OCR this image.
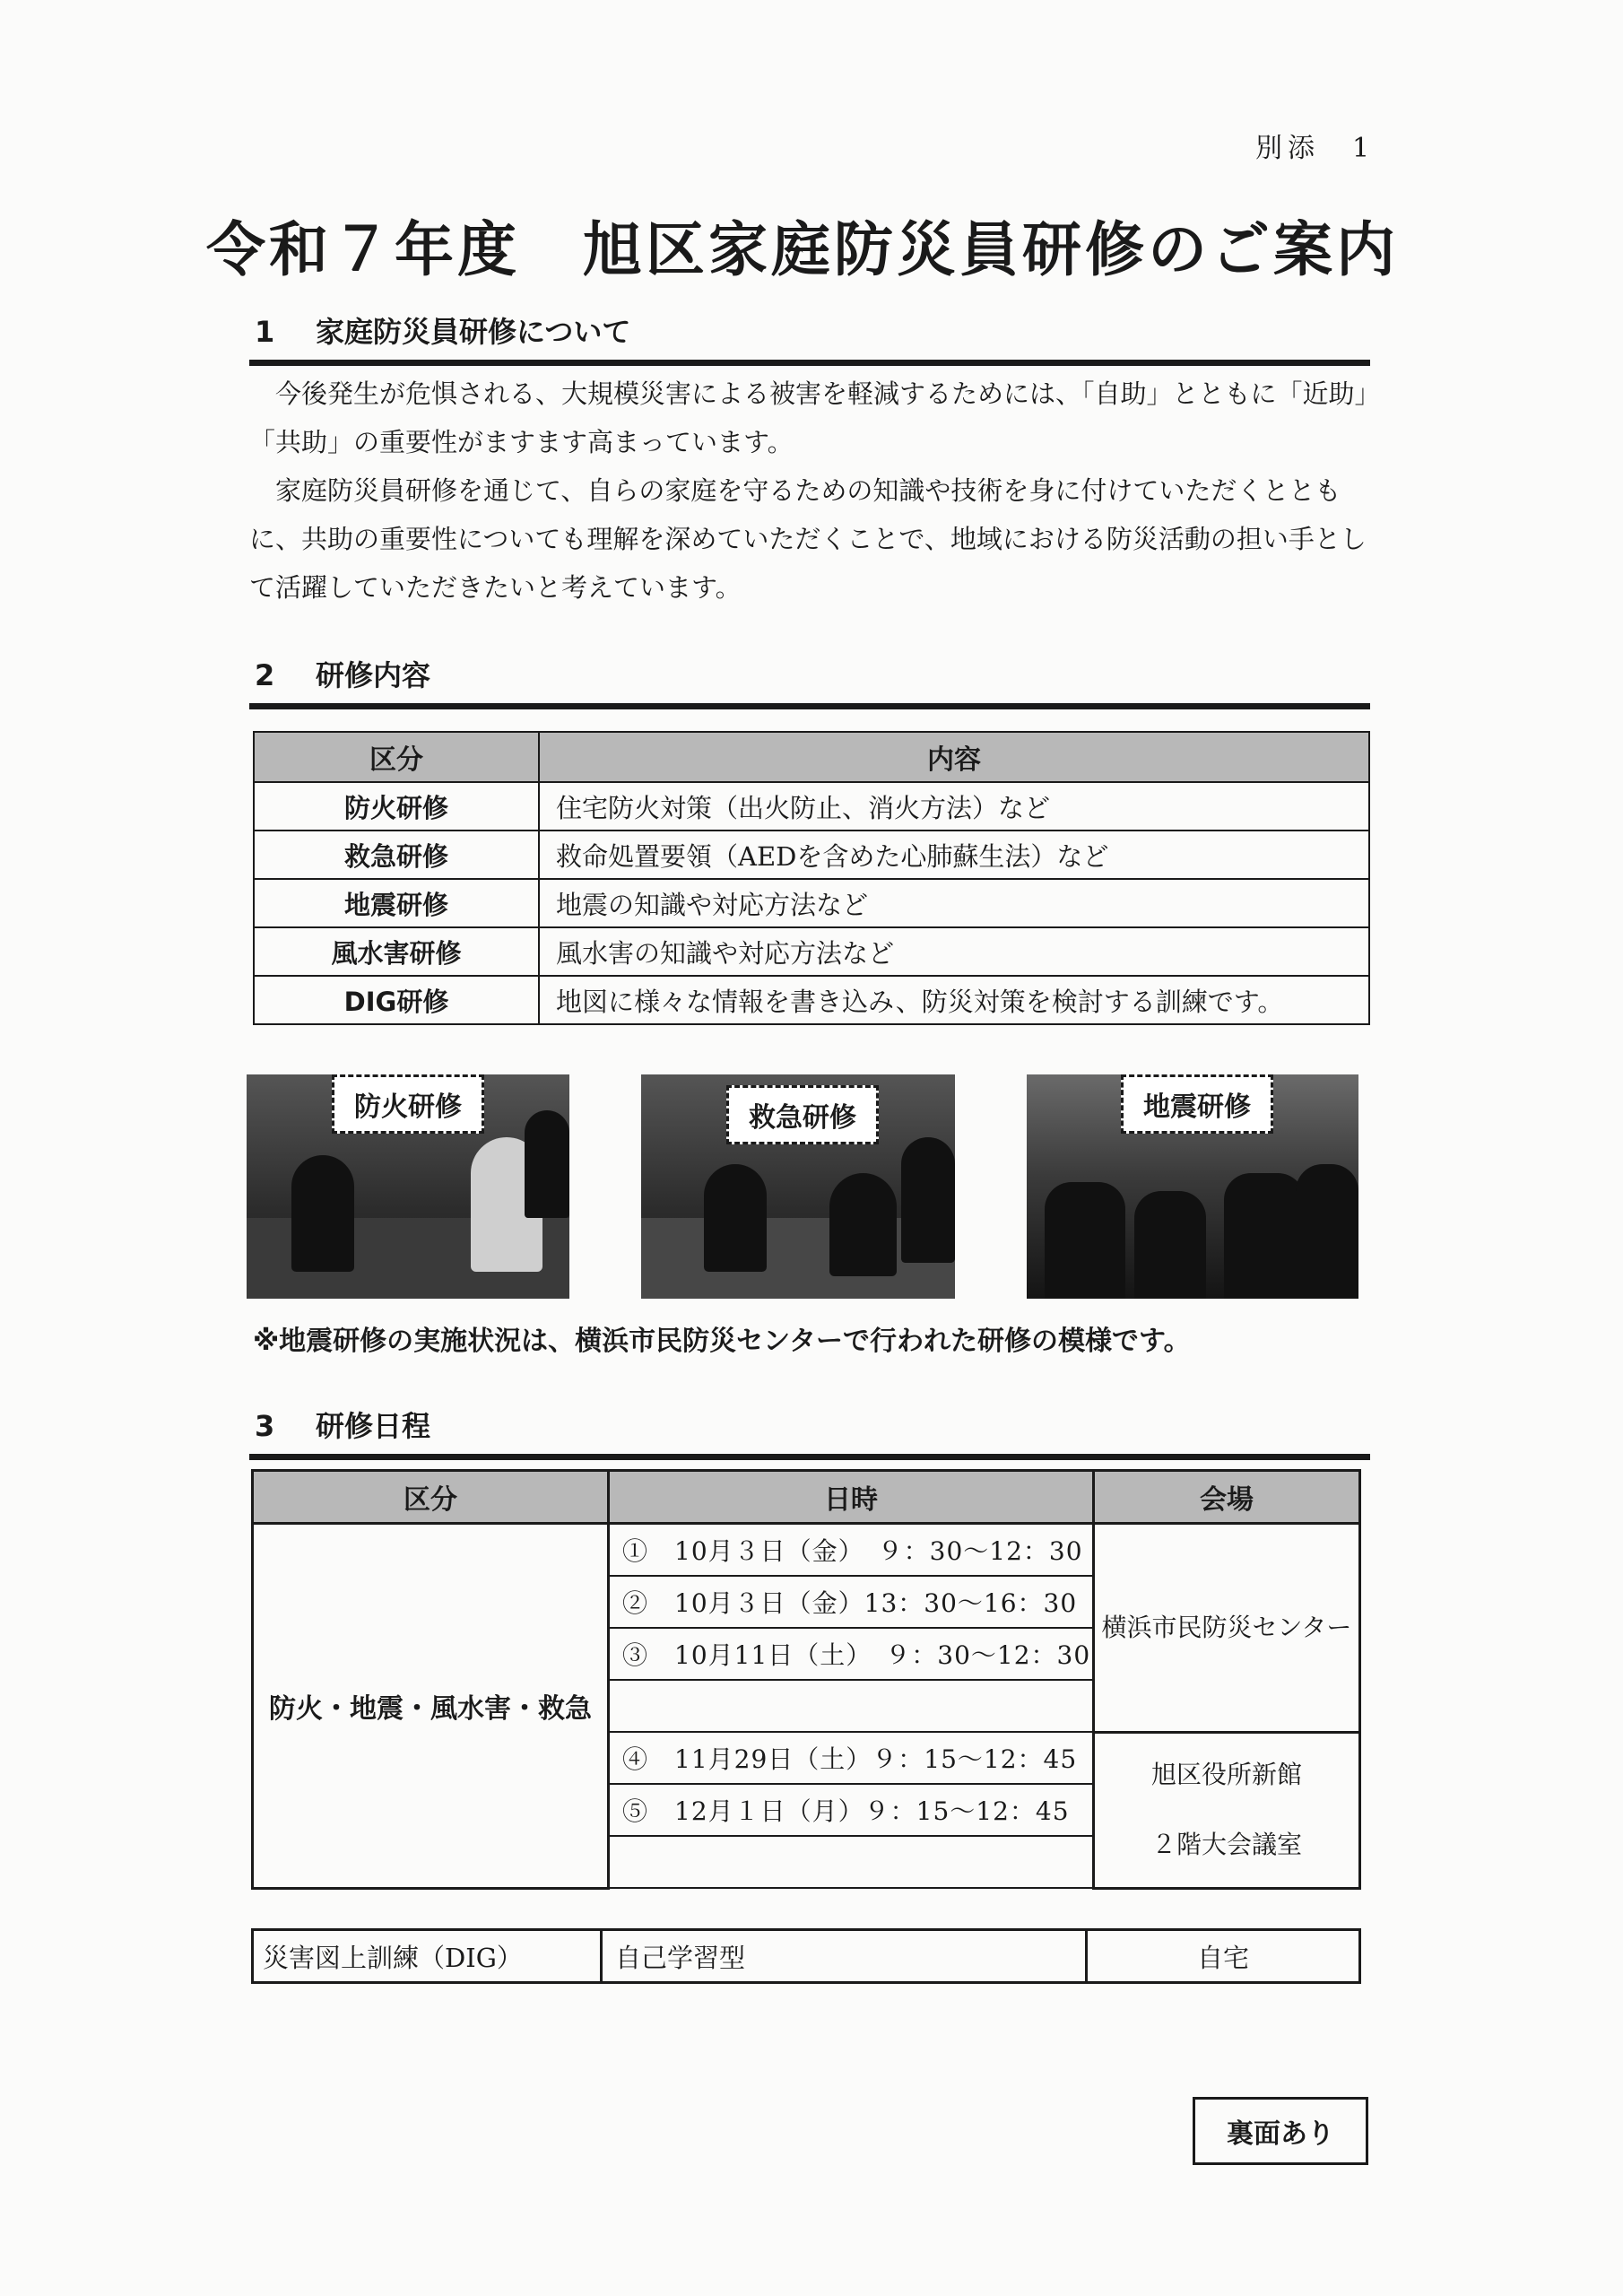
別添　1
令和７年度　旭区家庭防災員研修のご案内
1 家庭防災員研修について

今後発生が危惧される、大規模災害による被害を軽減するためには、「自助」とともに「近助」「共助」の重要性がますます高まっています。

家庭防災員研修を通じて、自らの家庭を守るための知識や技術を身に付けていただくとともに、共助の重要性についても理解を深めていただくことで、地域における防災活動の担い手として活躍していただきたいと考えています。

2 研修内容
区分	内容
防火研修	住宅防火対策（出火防止、消火方法）など
救急研修	救命処置要領（AEDを含めた心肺蘇生法）など
地震研修	地震の知識や対応方法など
風水害研修	風水害の知識や対応方法など
DIG研修	地図に様々な情報を書き込み、防災対策を検討する訓練です。
防火研修	救急研修	地震研修
※地震研修の実施状況は、横浜市民防災センターで行われた研修の模様です。
3 研修日程
区分	日時	会場
防火・地震・風水害・救急	①　10月３日（金）　９：30〜12：30	横浜市民防災センター
	②　10月３日（金）13：30〜16：30	
	③　10月11日（土）　９：30〜12：30	

	④　11月29日（土）９：15〜12：45	旭区役所新館
２階大会議室

	⑤　12月１日（月）９：15〜12：45	

災害図上訓練（DIG）	自己学習型	自宅
裏面あり
